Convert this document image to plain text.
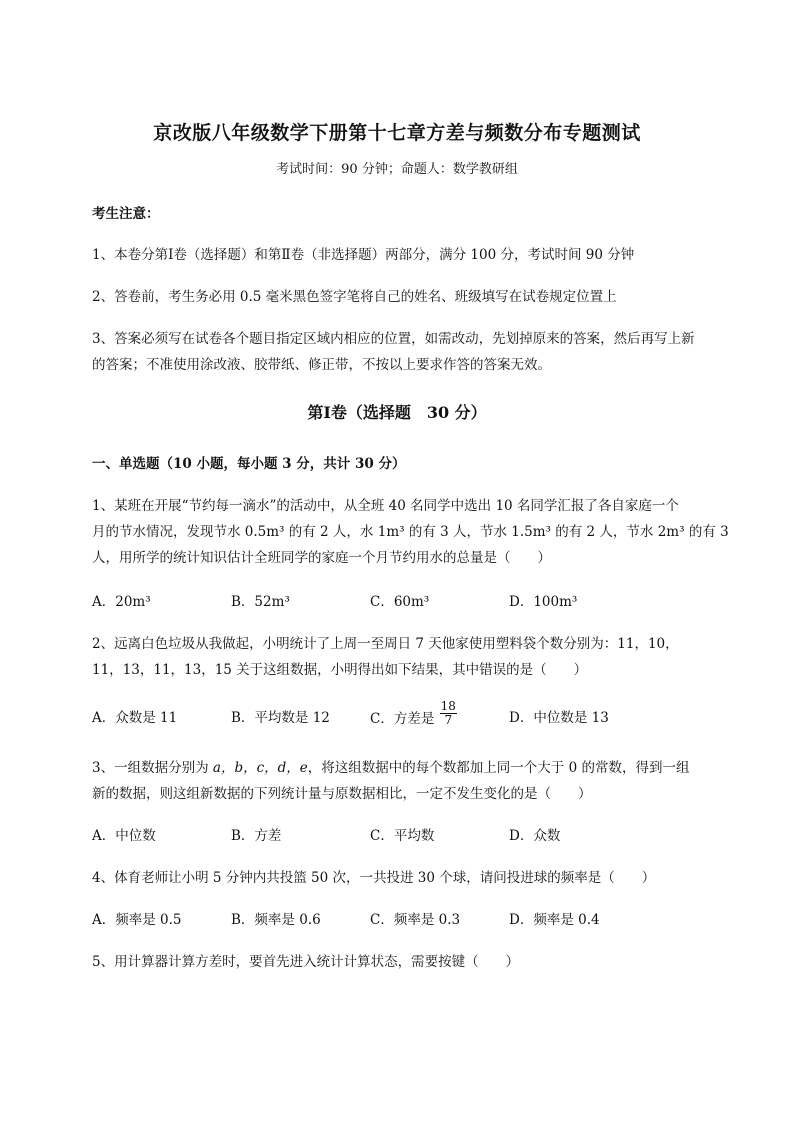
京改版八年级数学下册第十七章方差与频数分布专题测试
考试时间：90 分钟；命题人：数学教研组
考生注意：
1、本卷分第Ⅰ卷（选择题）和第Ⅱ卷（非选择题）两部分，满分 100 分，考试时间 90 分钟
2、答卷前，考生务必用 0.5 毫米黑色签字笔将自己的姓名、班级填写在试卷规定位置上
3、答案必须写在试卷各个题目指定区域内相应的位置，如需改动，先划掉原来的答案，然后再写上新
的答案；不准使用涂改液、胶带纸、修正带，不按以上要求作答的答案无效。
第Ⅰ卷（选择题　30 分）
一、单选题（10 小题，每小题 3 分，共计 30 分）
1、某班在开展“节约每一滴水”的活动中，从全班 40 名同学中选出 10 名同学汇报了各自家庭一个
月的节水情况，发现节水 0.5m³ 的有 2 人，水 1m³ 的有 3 人，节水 1.5m³ 的有 2 人，节水 2m³ 的有 3
人，用所学的统计知识估计全班同学的家庭一个月节约用水的总量是（　　）
A．20m³	B．52m³	C．60m³	D．100m³
2、远离白色垃圾从我做起，小明统计了上周一至周日 7 天他家使用塑料袋个数分别为：11，10，
11，13，11，13，15 关于这组数据，小明得出如下结果，其中错误的是（　　）
A．众数是 11	B．平均数是 12	C．方差是 $\frac{18}{7}$	D．中位数是 13
3、一组数据分别为 a，b，c，d，e，将这组数据中的每个数都加上同一个大于 0 的常数，得到一组
新的数据，则这组新数据的下列统计量与原数据相比，一定不发生变化的是（　　）
A．中位数	B．方差	C．平均数	D．众数
4、体育老师让小明 5 分钟内共投篮 50 次，一共投进 30 个球，请问投进球的频率是（　　）
A．频率是 0.5	B．频率是 0.6	C．频率是 0.3	D．频率是 0.4
5、用计算器计算方差时，要首先进入统计计算状态，需要按键（　　）
